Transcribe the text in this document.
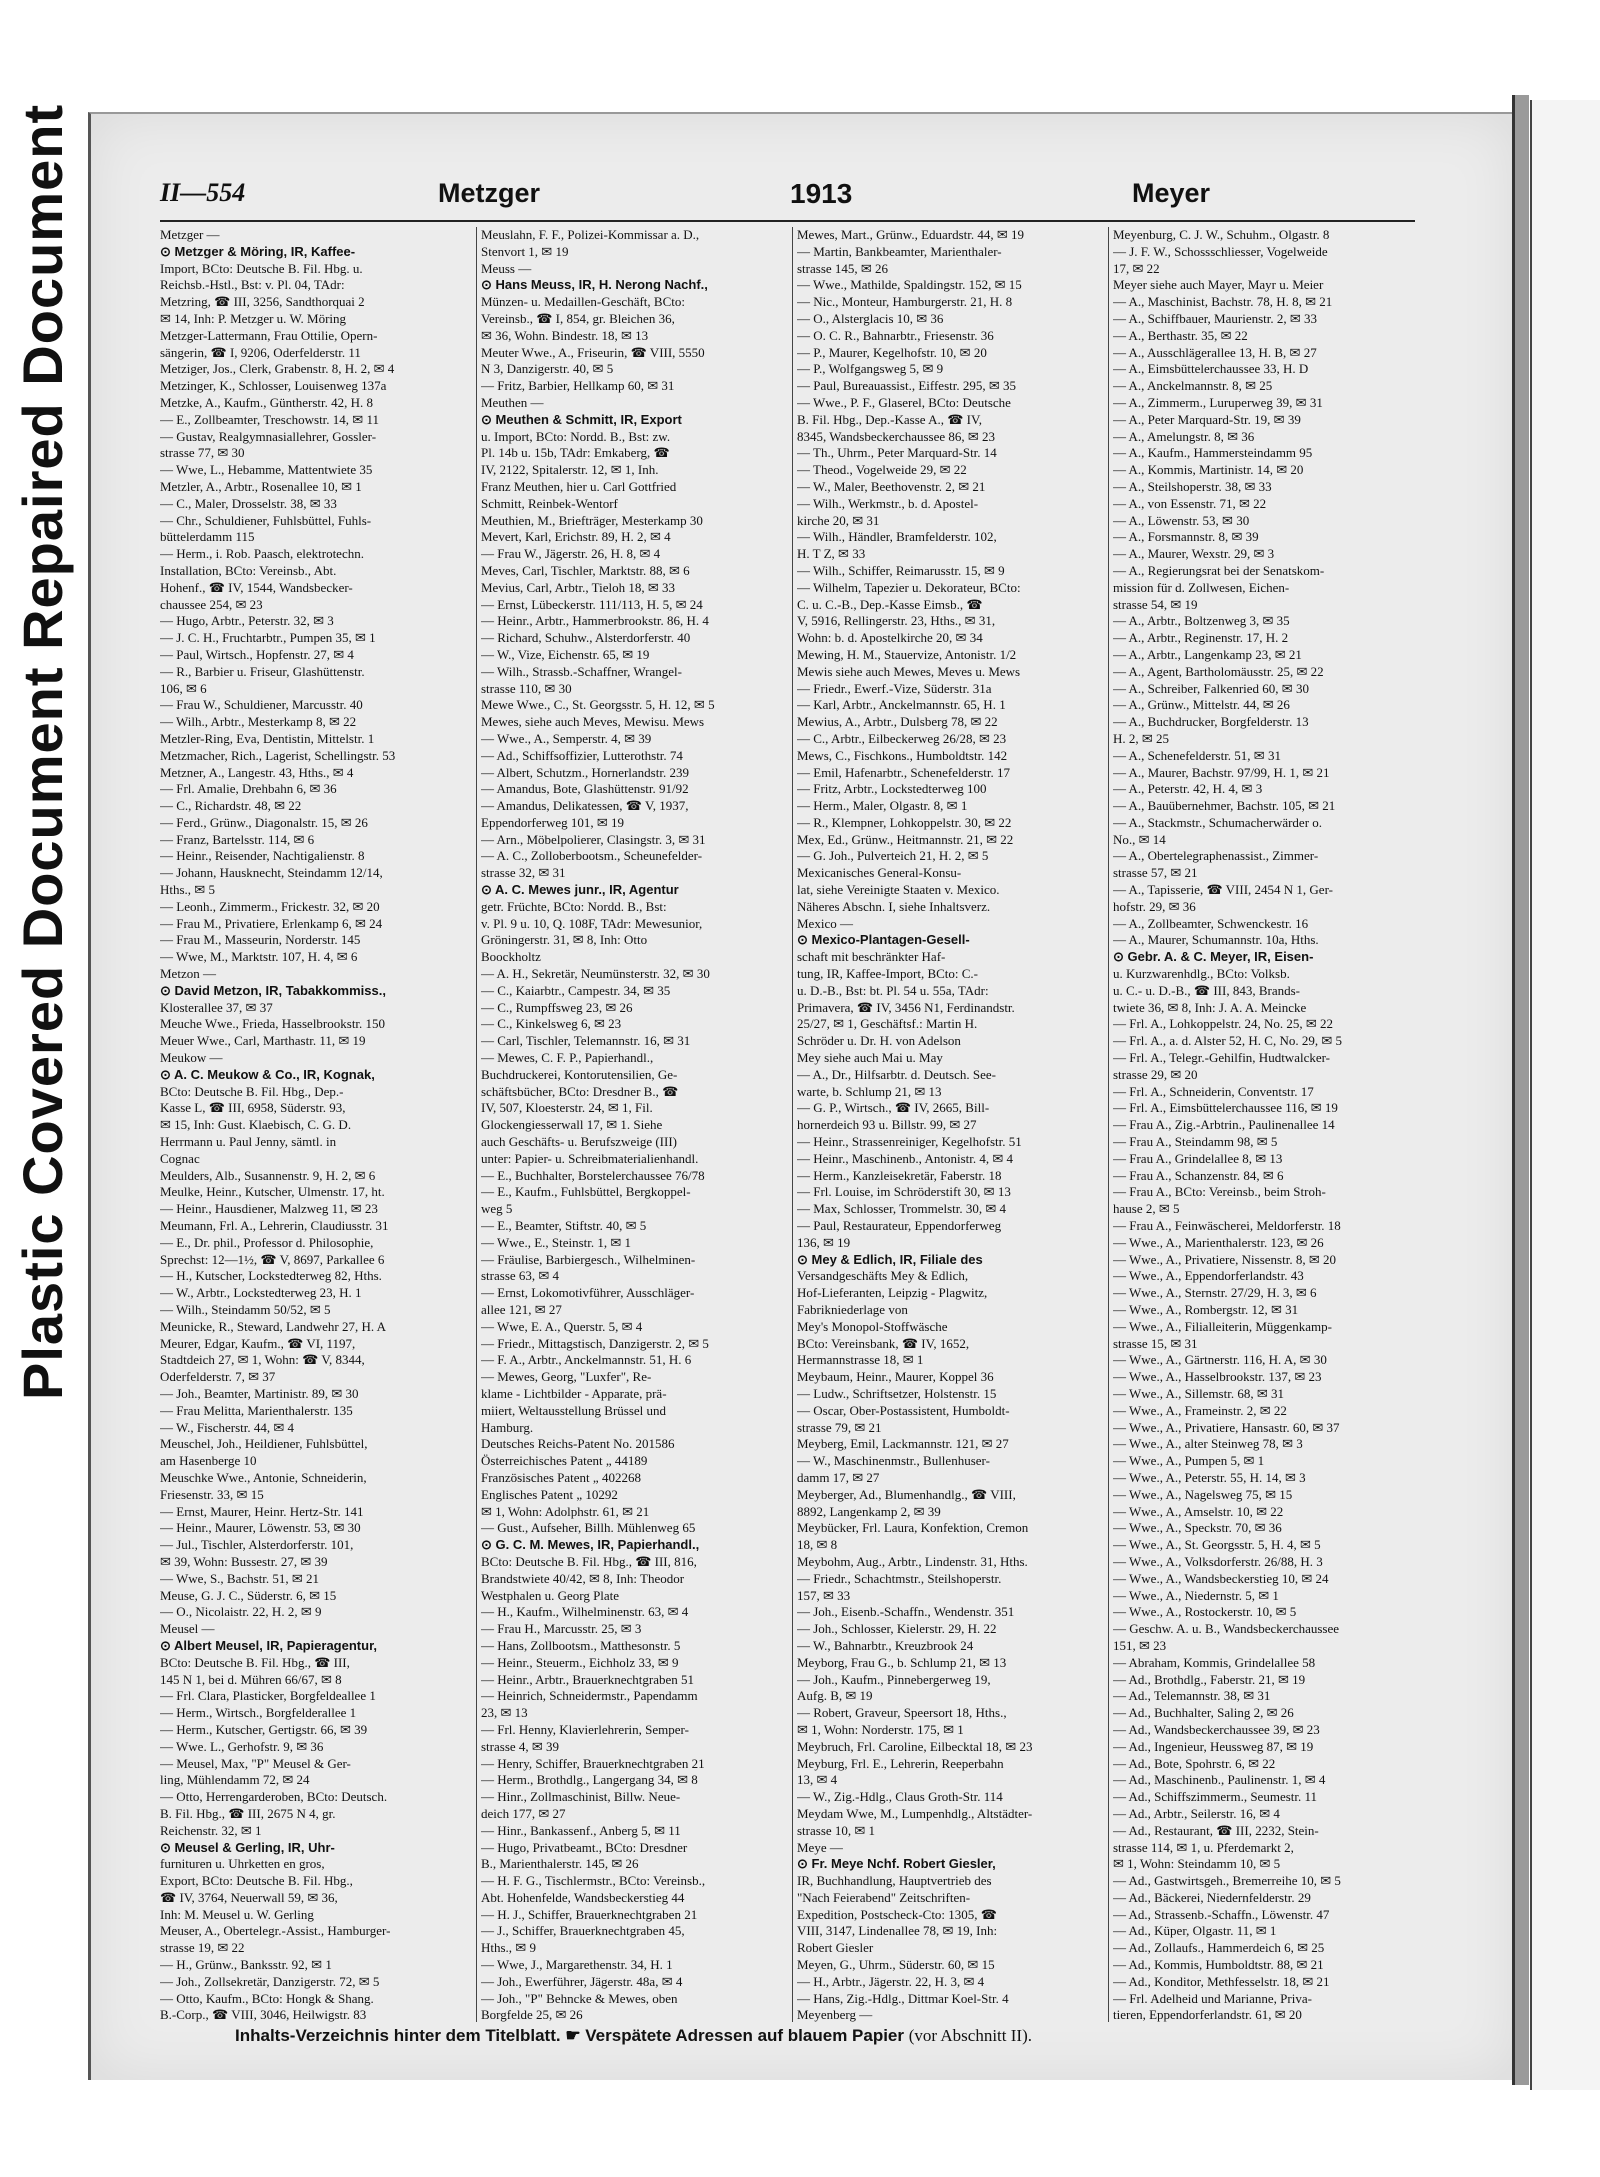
Plastic Covered Document Repaired Document	II—554	Metzger	1913	Meyer
Metzger —
⊙ Metzger & Möring, IR, Kaffee-
Import, BCto: Deutsche B. Fil. Hbg. u.
Reichsb.-Hstl., Bst: v. Pl. 04, TAdr:
Metzring, ☎ III, 3256, Sandthorquai 2
✉ 14, Inh: P. Metzger u. W. Möring
Metzger-Lattermann, Frau Ottilie, Opern-
sängerin, ☎ I, 9206, Oderfelderstr. 11
Metziger, Jos., Clerk, Grabenstr. 8, H. 2, ✉ 4
Metzinger, K., Schlosser, Louisenweg 137a
Metzke, A., Kaufm., Güntherstr. 42, H. 8
— E., Zollbeamter, Treschowstr. 14, ✉ 11
— Gustav, Realgymnasiallehrer, Gossler-
strasse 77, ✉ 30
— Wwe, L., Hebamme, Mattentwiete 35
Metzler, A., Arbtr., Rosenallee 10, ✉ 1
— C., Maler, Drosselstr. 38, ✉ 33
— Chr., Schuldiener, Fuhlsbüttel, Fuhls-
büttelerdamm 115
— Herm., i. Rob. Paasch, elektrotechn.
Installation, BCto: Vereinsb., Abt.
Hohenf., ☎ IV, 1544, Wandsbecker-
chaussee 254, ✉ 23
— Hugo, Arbtr., Peterstr. 32, ✉ 3
— J. C. H., Fruchtarbtr., Pumpen 35, ✉ 1
— Paul, Wirtsch., Hopfenstr. 27, ✉ 4
— R., Barbier u. Friseur, Glashüttenstr.
106, ✉ 6
— Frau W., Schuldiener, Marcusstr. 40
— Wilh., Arbtr., Mesterkamp 8, ✉ 22
Metzler-Ring, Eva, Dentistin, Mittelstr. 1
Metzmacher, Rich., Lagerist, Schellingstr. 53
Metzner, A., Langestr. 43, Hths., ✉ 4
— Frl. Amalie, Drehbahn 6, ✉ 36
— C., Richardstr. 48, ✉ 22
— Ferd., Grünw., Diagonalstr. 15, ✉ 26
— Franz, Bartelsstr. 114, ✉ 6
— Heinr., Reisender, Nachtigalienstr. 8
— Johann, Hausknecht, Steindamm 12/14,
Hths., ✉ 5
— Leonh., Zimmerm., Frickestr. 32, ✉ 20
— Frau M., Privatiere, Erlenkamp 6, ✉ 24
— Frau M., Masseurin, Norderstr. 145
— Wwe, M., Marktstr. 107, H. 4, ✉ 6
Metzon —
⊙ David Metzon, IR, Tabakkommiss.,
Klosterallee 37, ✉ 37
Meuche Wwe., Frieda, Hasselbrookstr. 150
Meuer Wwe., Carl, Marthastr. 11, ✉ 19
Meukow —
⊙ A. C. Meukow & Co., IR, Kognak,
BCto: Deutsche B. Fil. Hbg., Dep.-
Kasse L, ☎ III, 6958, Süderstr. 93,
✉ 15, Inh: Gust. Klaebisch, C. G. D.
Herrmann u. Paul Jenny, sämtl. in
Cognac
Meulders, Alb., Susannenstr. 9, H. 2, ✉ 6
Meulke, Heinr., Kutscher, Ulmenstr. 17, ht.
— Heinr., Hausdiener, Malzweg 11, ✉ 23
Meumann, Frl. A., Lehrerin, Claudiusstr. 31
— E., Dr. phil., Professor d. Philosophie,
Sprechst: 12—1½, ☎ V, 8697, Parkallee 6
— H., Kutscher, Lockstedterweg 82, Hths.
— W., Arbtr., Lockstedterweg 23, H. 1
— Wilh., Steindamm 50/52, ✉ 5
Meunicke, R., Steward, Landwehr 27, H. A
Meurer, Edgar, Kaufm., ☎ VI, 1197,
Stadtdeich 27, ✉ 1, Wohn: ☎ V, 8344,
Oderfelderstr. 7, ✉ 37
— Joh., Beamter, Martinistr. 89, ✉ 30
— Frau Melitta, Marienthalerstr. 135
— W., Fischerstr. 44, ✉ 4
Meuschel, Joh., Heildiener, Fuhlsbüttel,
am Hasenberge 10
Meuschke Wwe., Antonie, Schneiderin,
Friesenstr. 33, ✉ 15
— Ernst, Maurer, Heinr. Hertz-Str. 141
— Heinr., Maurer, Löwenstr. 53, ✉ 30
— Jul., Tischler, Alsterdorferstr. 101,
✉ 39, Wohn: Bussestr. 27, ✉ 39
— Wwe, S., Bachstr. 51, ✉ 21
Meuse, G. J. C., Süderstr. 6, ✉ 15
— O., Nicolaistr. 22, H. 2, ✉ 9
Meusel —
⊙ Albert Meusel, IR, Papieragentur,
BCto: Deutsche B. Fil. Hbg., ☎ III,
145 N 1, bei d. Mühren 66/67, ✉ 8
— Frl. Clara, Plasticker, Borgfeldeallee 1
— Herm., Wirtsch., Borgfelderallee 1
— Herm., Kutscher, Gertigstr. 66, ✉ 39
— Wwe. L., Gerhofstr. 9, ✉ 36
— Meusel, Max, "P" Meusel & Ger-
ling, Mühlendamm 72, ✉ 24
— Otto, Herrengarderoben, BCto: Deutsch.
B. Fil. Hbg., ☎ III, 2675 N 4, gr.
Reichenstr. 32, ✉ 1
⊙ Meusel & Gerling, IR, Uhr-
furnituren u. Uhrketten en gros,
Export, BCto: Deutsche B. Fil. Hbg.,
☎ IV, 3764, Neuerwall 59, ✉ 36,
Inh: M. Meusel u. W. Gerling
Meuser, A., Obertelegr.-Assist., Hamburger-
strasse 19, ✉ 22
— H., Grünw., Banksstr. 92, ✉ 1
— Joh., Zollsekretär, Danzigerstr. 72, ✉ 5
— Otto, Kaufm., BCto: Hongk & Shang.
B.-Corp., ☎ VIII, 3046, Heilwigstr. 83
Meuslahn, F. F., Polizei-Kommissar a. D.,
Stenvort 1, ✉ 19
Meuss —
⊙ Hans Meuss, IR, H. Nerong Nachf.,
Münzen- u. Medaillen-Geschäft, BCto:
Vereinsb., ☎ I, 854, gr. Bleichen 36,
✉ 36, Wohn. Bindestr. 18, ✉ 13
Meuter Wwe., A., Friseurin, ☎ VIII, 5550
N 3, Danzigerstr. 40, ✉ 5
— Fritz, Barbier, Hellkamp 60, ✉ 31
Meuthen —
⊙ Meuthen & Schmitt, IR, Export
u. Import, BCto: Nordd. B., Bst: zw.
Pl. 14b u. 15b, TAdr: Emkaberg, ☎
IV, 2122, Spitalerstr. 12, ✉ 1, Inh.
Franz Meuthen, hier u. Carl Gottfried
Schmitt, Reinbek-Wentorf
Meuthien, M., Briefträger, Mesterkamp 30
Mevert, Karl, Erichstr. 89, H. 2, ✉ 4
— Frau W., Jägerstr. 26, H. 8, ✉ 4
Meves, Carl, Tischler, Marktstr. 88, ✉ 6
Mevius, Carl, Arbtr., Tieloh 18, ✉ 33
— Ernst, Lübeckerstr. 111/113, H. 5, ✉ 24
— Heinr., Arbtr., Hammerbrookstr. 86, H. 4
— Richard, Schuhw., Alsterdorferstr. 40
— W., Vize, Eichenstr. 65, ✉ 19
— Wilh., Strassb.-Schaffner, Wrangel-
strasse 110, ✉ 30
Mewe Wwe., C., St. Georgsstr. 5, H. 12, ✉ 5
Mewes, siehe auch Meves, Mewisu. Mews
— Wwe., A., Semperstr. 4, ✉ 39
— Ad., Schiffsoffizier, Lutterothstr. 74
— Albert, Schutzm., Hornerlandstr. 239
— Amandus, Bote, Glashüttenstr. 91/92
— Amandus, Delikatessen, ☎ V, 1937,
Eppendorferweg 101, ✉ 19
— Arn., Möbelpolierer, Clasingstr. 3, ✉ 31
— A. C., Zolloberbootsm., Scheunefelder-
strasse 32, ✉ 31
⊙ A. C. Mewes junr., IR, Agentur
getr. Früchte, BCto: Nordd. B., Bst:
v. Pl. 9 u. 10, Q. 108F, TAdr: Mewesunior,
Gröningerstr. 31, ✉ 8, Inh: Otto
Boockholtz
— A. H., Sekretär, Neumünsterstr. 32, ✉ 30
— C., Kaiarbtr., Campestr. 34, ✉ 35
— C., Rumpffsweg 23, ✉ 26
— C., Kinkelsweg 6, ✉ 23
— Carl, Tischler, Telemannstr. 16, ✉ 31
— Mewes, C. F. P., Papierhandl.,
Buchdruckerei, Kontorutensilien, Ge-
schäftsbücher, BCto: Dresdner B., ☎
IV, 507, Kloesterstr. 24, ✉ 1, Fil.
Glockengiesserwall 17, ✉ 1. Siehe
auch Geschäfts- u. Berufszweige (III)
unter: Papier- u. Schreibmaterialienhandl.
— E., Buchhalter, Borstelerchaussee 76/78
— E., Kaufm., Fuhlsbüttel, Bergkoppel-
weg 5
— E., Beamter, Stiftstr. 40, ✉ 5
— Wwe., E., Steinstr. 1, ✉ 1
— Fräulise, Barbiergesch., Wilhelminen-
strasse 63, ✉ 4
— Ernst, Lokomotivführer, Ausschläger-
allee 121, ✉ 27
— Wwe, E. A., Querstr. 5, ✉ 4
— Friedr., Mittagstisch, Danzigerstr. 2, ✉ 5
— F. A., Arbtr., Anckelmannstr. 51, H. 6
— Mewes, Georg, "Luxfer", Re-
klame - Lichtbilder - Apparate, prä-
miiert, Weltausstellung Brüssel und
Hamburg.
Deutsches Reichs-Patent No. 201586
Österreichisches Patent „ 44189
Französisches Patent „ 402268
Englisches Patent „ 10292
✉ 1, Wohn: Adolphstr. 61, ✉ 21
— Gust., Aufseher, Billh. Mühlenweg 65
⊙ G. C. M. Mewes, IR, Papierhandl.,
BCto: Deutsche B. Fil. Hbg., ☎ III, 816,
Brandstwiete 40/42, ✉ 8, Inh: Theodor
Westphalen u. Georg Plate
— H., Kaufm., Wilhelminenstr. 63, ✉ 4
— Frau H., Marcusstr. 25, ✉ 3
— Hans, Zollbootsm., Matthesonstr. 5
— Heinr., Steuerm., Eichholz 33, ✉ 9
— Heinr., Arbtr., Brauerknechtgraben 51
— Heinrich, Schneidermstr., Papendamm
23, ✉ 13
— Frl. Henny, Klavierlehrerin, Semper-
strasse 4, ✉ 39
— Henry, Schiffer, Brauerknechtgraben 21
— Herm., Brothdlg., Langergang 34, ✉ 8
— Hinr., Zollmaschinist, Billw. Neue-
deich 177, ✉ 27
— Hinr., Bankassenf., Anberg 5, ✉ 11
— Hugo, Privatbeamt., BCto: Dresdner
B., Marienthalerstr. 145, ✉ 26
— H. F. G., Tischlermstr., BCto: Vereinsb.,
Abt. Hohenfelde, Wandsbeckerstieg 44
— H. J., Schiffer, Brauerknechtgraben 21
— J., Schiffer, Brauerknechtgraben 45,
Hths., ✉ 9
— Wwe, J., Margarethenstr. 34, H. 1
— Joh., Ewerführer, Jägerstr. 48a, ✉ 4
— Joh., "P" Behncke & Mewes, oben
Borgfelde 25, ✉ 26
Mewes, Mart., Grünw., Eduardstr. 44, ✉ 19
— Martin, Bankbeamter, Marienthaler-
strasse 145, ✉ 26
— Wwe., Mathilde, Spaldingstr. 152, ✉ 15
— Nic., Monteur, Hamburgerstr. 21, H. 8
— O., Alsterglacis 10, ✉ 36
— O. C. R., Bahnarbtr., Friesenstr. 36
— P., Maurer, Kegelhofstr. 10, ✉ 20
— P., Wolfgangsweg 5, ✉ 9
— Paul, Bureauassist., Eiffestr. 295, ✉ 35
— Wwe., P. F., Glaserel, BCto: Deutsche
B. Fil. Hbg., Dep.-Kasse A., ☎ IV,
8345, Wandsbeckerchaussee 86, ✉ 23
— Th., Uhrm., Peter Marquard-Str. 14
— Theod., Vogelweide 29, ✉ 22
— W., Maler, Beethovenstr. 2, ✉ 21
— Wilh., Werkmstr., b. d. Apostel-
kirche 20, ✉ 31
— Wilh., Händler, Bramfelderstr. 102,
H. T Z, ✉ 33
— Wilh., Schiffer, Reimarusstr. 15, ✉ 9
— Wilhelm, Tapezier u. Dekorateur, BCto:
C. u. C.-B., Dep.-Kasse Eimsb., ☎
V, 5916, Rellingerstr. 23, Hths., ✉ 31,
Wohn: b. d. Apostelkirche 20, ✉ 34
Mewing, H. M., Stauervize, Antonistr. 1/2
Mewis siehe auch Mewes, Meves u. Mews
— Friedr., Ewerf.-Vize, Süderstr. 31a
— Karl, Arbtr., Anckelmannstr. 65, H. 1
Mewius, A., Arbtr., Dulsberg 78, ✉ 22
— C., Arbtr., Eilbeckerweg 26/28, ✉ 23
Mews, C., Fischkons., Humboldtstr. 142
— Emil, Hafenarbtr., Schenefelderstr. 17
— Fritz, Arbtr., Lockstedterweg 100
— Herm., Maler, Olgastr. 8, ✉ 1
— R., Klempner, Lohkoppelstr. 30, ✉ 22
Mex, Ed., Grünw., Heitmannstr. 21, ✉ 22
— G. Joh., Pulverteich 21, H. 2, ✉ 5
Mexicanisches General-Konsu-
lat, siehe Vereinigte Staaten v. Mexico.
Näheres Abschn. I, siehe Inhaltsverz.
Mexico —
⊙ Mexico-Plantagen-Gesell-
schaft mit beschränkter Haf-
tung, IR, Kaffee-Import, BCto: C.-
u. D.-B., Bst: bt. Pl. 54 u. 55a, TAdr:
Primavera, ☎ IV, 3456 N1, Ferdinandstr.
25/27, ✉ 1, Geschäftsf.: Martin H.
Schröder u. Dr. H. von Adelson
Mey siehe auch Mai u. May
— A., Dr., Hilfsarbtr. d. Deutsch. See-
warte, b. Schlump 21, ✉ 13
— G. P., Wirtsch., ☎ IV, 2665, Bill-
hornerdeich 93 u. Billstr. 99, ✉ 27
— Heinr., Strassenreiniger, Kegelhofstr. 51
— Heinr., Maschinenb., Antonistr. 4, ✉ 4
— Herm., Kanzleisekretär, Faberstr. 18
— Frl. Louise, im Schröderstift 30, ✉ 13
— Max, Schlosser, Trommelstr. 30, ✉ 4
— Paul, Restaurateur, Eppendorferweg
136, ✉ 19
⊙ Mey & Edlich, IR, Filiale des
Versandgeschäfts Mey & Edlich,
Hof-Lieferanten, Leipzig - Plagwitz,
Fabrikniederlage von
Mey's Monopol-Stoffwäsche
BCto: Vereinsbank, ☎ IV, 1652,
Hermannstrasse 18, ✉ 1
Meybaum, Heinr., Maurer, Koppel 36
— Ludw., Schriftsetzer, Holstenstr. 15
— Oscar, Ober-Postassistent, Humboldt-
strasse 79, ✉ 21
Meyberg, Emil, Lackmannstr. 121, ✉ 27
— W., Maschinenmstr., Bullenhuser-
damm 17, ✉ 27
Meyberger, Ad., Blumenhandlg., ☎ VIII,
8892, Langenkamp 2, ✉ 39
Meybücker, Frl. Laura, Konfektion, Cremon
18, ✉ 8
Meybohm, Aug., Arbtr., Lindenstr. 31, Hths.
— Friedr., Schachtmstr., Steilshoperstr.
157, ✉ 33
— Joh., Eisenb.-Schaffn., Wendenstr. 351
— Joh., Schlosser, Kielerstr. 29, H. 22
— W., Bahnarbtr., Kreuzbrook 24
Meyborg, Frau G., b. Schlump 21, ✉ 13
— Joh., Kaufm., Pinnebergerweg 19,
Aufg. B, ✉ 19
— Robert, Graveur, Speersort 18, Hths.,
✉ 1, Wohn: Norderstr. 175, ✉ 1
Meybruch, Frl. Caroline, Eilbecktal 18, ✉ 23
Meyburg, Frl. E., Lehrerin, Reeperbahn
13, ✉ 4
— W., Zig.-Hdlg., Claus Groth-Str. 114
Meydam Wwe, M., Lumpenhdlg., Altstädter-
strasse 10, ✉ 1
Meye —
⊙ Fr. Meye Nchf. Robert Giesler,
IR, Buchhandlung, Hauptvertrieb des
"Nach Feierabend" Zeitschriften-
Expedition, Postscheck-Cto: 1305, ☎
VIII, 3147, Lindenallee 78, ✉ 19, Inh:
Robert Giesler
Meyen, G., Uhrm., Süderstr. 60, ✉ 15
— H., Arbtr., Jägerstr. 22, H. 3, ✉ 4
— Hans, Zig.-Hdlg., Dittmar Koel-Str. 4
Meyenberg —
Meyenburg, C. J. W., Schuhm., Olgastr. 8
— J. F. W., Schossschliesser, Vogelweide
17, ✉ 22
Meyer siehe auch Mayer, Mayr u. Meier
— A., Maschinist, Bachstr. 78, H. 8, ✉ 21
— A., Schiffbauer, Maurienstr. 2, ✉ 33
— A., Berthastr. 35, ✉ 22
— A., Ausschlägerallee 13, H. B, ✉ 27
— A., Eimsbüttelerchaussee 33, H. D
— A., Anckelmannstr. 8, ✉ 25
— A., Zimmerm., Luruperweg 39, ✉ 31
— A., Peter Marquard-Str. 19, ✉ 39
— A., Amelungstr. 8, ✉ 36
— A., Kaufm., Hammersteindamm 95
— A., Kommis, Martinistr. 14, ✉ 20
— A., Steilshoperstr. 38, ✉ 33
— A., von Essenstr. 71, ✉ 22
— A., Löwenstr. 53, ✉ 30
— A., Forsmannstr. 8, ✉ 39
— A., Maurer, Wexstr. 29, ✉ 3
— A., Regierungsrat bei der Senatskom-
mission für d. Zollwesen, Eichen-
strasse 54, ✉ 19
— A., Arbtr., Boltzenweg 3, ✉ 35
— A., Arbtr., Reginenstr. 17, H. 2
— A., Arbtr., Langenkamp 23, ✉ 21
— A., Agent, Bartholomäusstr. 25, ✉ 22
— A., Schreiber, Falkenried 60, ✉ 30
— A., Grünw., Mittelstr. 44, ✉ 26
— A., Buchdrucker, Borgfelderstr. 13
H. 2, ✉ 25
— A., Schenefelderstr. 51, ✉ 31
— A., Maurer, Bachstr. 97/99, H. 1, ✉ 21
— A., Peterstr. 42, H. 4, ✉ 3
— A., Bauübernehmer, Bachstr. 105, ✉ 21
— A., Stackmstr., Schumacherwärder o.
No., ✉ 14
— A., Obertelegraphenassist., Zimmer-
strasse 57, ✉ 21
— A., Tapisserie, ☎ VIII, 2454 N 1, Ger-
hofstr. 29, ✉ 36
— A., Zollbeamter, Schwenckestr. 16
— A., Maurer, Schumannstr. 10a, Hths.
⊙ Gebr. A. & C. Meyer, IR, Eisen-
u. Kurzwarenhdlg., BCto: Volksb.
u. C.- u. D.-B., ☎ III, 843, Brands-
twiete 36, ✉ 8, Inh: J. A. A. Meincke
— Frl. A., Lohkoppelstr. 24, No. 25, ✉ 22
— Frl. A., a. d. Alster 52, H. C, No. 29, ✉ 5
— Frl. A., Telegr.-Gehilfin, Hudtwalcker-
strasse 29, ✉ 20
— Frl. A., Schneiderin, Conventstr. 17
— Frl. A., Eimsbüttelerchaussee 116, ✉ 19
— Frau A., Zig.-Arbtrin., Paulinenallee 14
— Frau A., Steindamm 98, ✉ 5
— Frau A., Grindelallee 8, ✉ 13
— Frau A., Schanzenstr. 84, ✉ 6
— Frau A., BCto: Vereinsb., beim Stroh-
hause 2, ✉ 5
— Frau A., Feinwäscherei, Meldorferstr. 18
— Wwe., A., Marienthalerstr. 123, ✉ 26
— Wwe., A., Privatiere, Nissenstr. 8, ✉ 20
— Wwe., A., Eppendorferlandstr. 43
— Wwe., A., Sternstr. 27/29, H. 3, ✉ 6
— Wwe., A., Rombergstr. 12, ✉ 31
— Wwe., A., Filialleiterin, Müggenkamp-
strasse 15, ✉ 31
— Wwe., A., Gärtnerstr. 116, H. A, ✉ 30
— Wwe., A., Hasselbrookstr. 137, ✉ 23
— Wwe., A., Sillemstr. 68, ✉ 31
— Wwe., A., Frameinstr. 2, ✉ 22
— Wwe., A., Privatiere, Hansastr. 60, ✉ 37
— Wwe., A., alter Steinweg 78, ✉ 3
— Wwe., A., Pumpen 5, ✉ 1
— Wwe., A., Peterstr. 55, H. 14, ✉ 3
— Wwe., A., Nagelsweg 75, ✉ 15
— Wwe., A., Amselstr. 10, ✉ 22
— Wwe., A., Speckstr. 70, ✉ 36
— Wwe., A., St. Georgsstr. 5, H. 4, ✉ 5
— Wwe., A., Volksdorferstr. 26/88, H. 3
— Wwe., A., Wandsbeckerstieg 10, ✉ 24
— Wwe., A., Niedernstr. 5, ✉ 1
— Wwe., A., Rostockerstr. 10, ✉ 5
— Geschw. A. u. B., Wandsbeckerchaussee
151, ✉ 23
— Abraham, Kommis, Grindelallee 58
— Ad., Brothdlg., Faberstr. 21, ✉ 19
— Ad., Telemannstr. 38, ✉ 31
— Ad., Buchhalter, Saling 2, ✉ 26
— Ad., Wandsbeckerchaussee 39, ✉ 23
— Ad., Ingenieur, Heussweg 87, ✉ 19
— Ad., Bote, Spohrstr. 6, ✉ 22
— Ad., Maschinenb., Paulinenstr. 1, ✉ 4
— Ad., Schiffszimmerm., Seumestr. 11
— Ad., Arbtr., Seilerstr. 16, ✉ 4
— Ad., Restaurant, ☎ III, 2232, Stein-
strasse 114, ✉ 1, u. Pferdemarkt 2,
✉ 1, Wohn: Steindamm 10, ✉ 5
— Ad., Gastwirtsgeh., Bremerreihe 10, ✉ 5
— Ad., Bäckerei, Niedernfelderstr. 29
— Ad., Strassenb.-Schaffn., Löwenstr. 47
— Ad., Küper, Olgastr. 11, ✉ 1
— Ad., Zollaufs., Hammerdeich 6, ✉ 25
— Ad., Kommis, Humboldtstr. 88, ✉ 21
— Ad., Konditor, Methfesselstr. 18, ✉ 21
— Frl. Adelheid und Marianne, Priva-
tieren, Eppendorferlandstr. 61, ✉ 20
Inhalts-Verzeichnis hinter dem Titelblatt. ☛ Verspätete Adressen auf blauem Papier (vor Abschnitt II).
